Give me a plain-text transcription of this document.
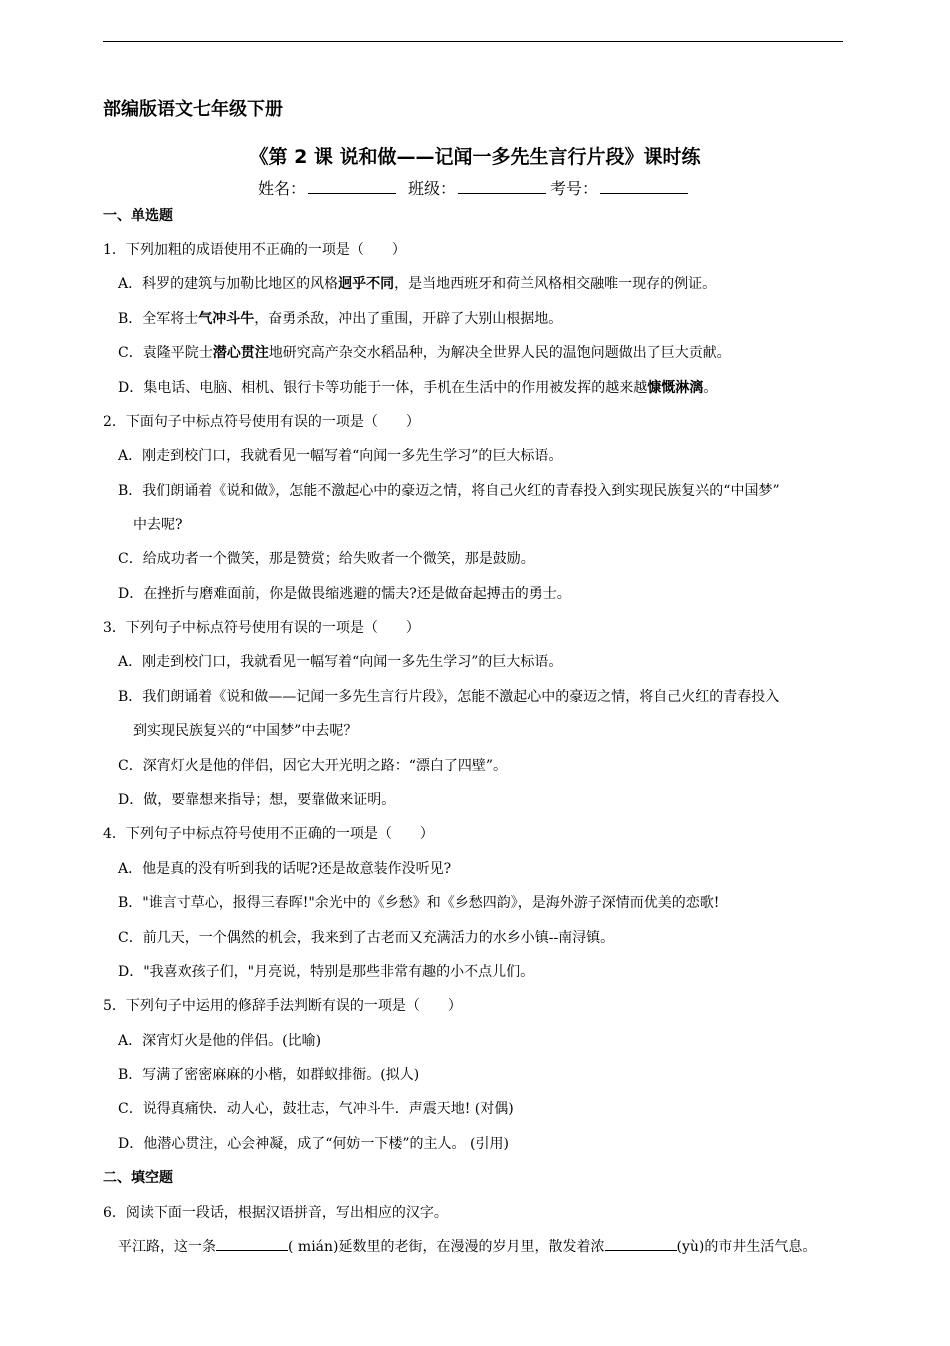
部编版语文七年级下册
《第 2 课 说和做——记闻一多先生言行片段》课时练
姓名：	班级：	考号：
一、单选题
1．下列加粗的成语使用不正确的一项是（　　）
A．科罗的建筑与加勒比地区的风格迥乎不同，是当地西班牙和荷兰风格相交融唯一现存的例证。
B．全军将士气冲斗牛，奋勇杀敌，冲出了重围，开辟了大别山根据地。
C．袁隆平院士潜心贯注地研究高产杂交水稻品种，为解决全世界人民的温饱问题做出了巨大贡献。
D．集电话、电脑、相机、银行卡等功能于一体，手机在生活中的作用被发挥的越来越慷慨淋漓。
2．下面句子中标点符号使用有误的一项是（　　）
A．刚走到校门口，我就看见一幅写着“向闻一多先生学习”的巨大标语。
B．我们朗诵着《说和做》，怎能不激起心中的豪迈之情，将自己火红的青春投入到实现民族复兴的“中国梦”
中去呢?
C．给成功者一个微笑，那是赞赏；给失败者一个微笑，那是鼓励。
D．在挫折与磨难面前，你是做畏缩逃避的懦夫?还是做奋起搏击的勇士。
3．下列句子中标点符号使用有误的一项是（　　）
A．刚走到校门口，我就看见一幅写着“向闻一多先生学习”的巨大标语。
B．我们朗诵着《说和做——记闻一多先生言行片段》，怎能不激起心中的豪迈之情，将自己火红的青春投入
到实现民族复兴的“中国梦”中去呢？
C．深宵灯火是他的伴侣，因它大开光明之路：“漂白了四壁”。
D．做，要靠想来指导；想，要靠做来证明。
4．下列句子中标点符号使用不正确的一项是（　　）
A．他是真的没有听到我的话呢?还是故意装作没听见?
B．"谁言寸草心，报得三春晖!"余光中的《乡愁》和《乡愁四韵》，是海外游子深情而优美的恋歌!
C．前几天，一个偶然的机会，我来到了古老而又充满活力的水乡小镇--南浔镇。
D．"我喜欢孩子们，"月亮说，特别是那些非常有趣的小不点儿们。
5．下列句子中运用的修辞手法判断有误的一项是（　　）
A．深宵灯火是他的伴侣。(比喻)
B．写满了密密麻麻的小楷，如群蚁排衙。(拟人)
C．说得真痛快．动人心，鼓壮志，气冲斗牛．声震天地! (对偶)
D．他潜心贯注，心会神凝，成了“何妨一下楼”的主人。 (引用)
二、填空题
6．阅读下面一段话，根据汉语拼音，写出相应的汉字。
平江路，这一条	( mián)延数里的老街，在漫漫的岁月里，散发着浓	(yù)的市井生活气息。
